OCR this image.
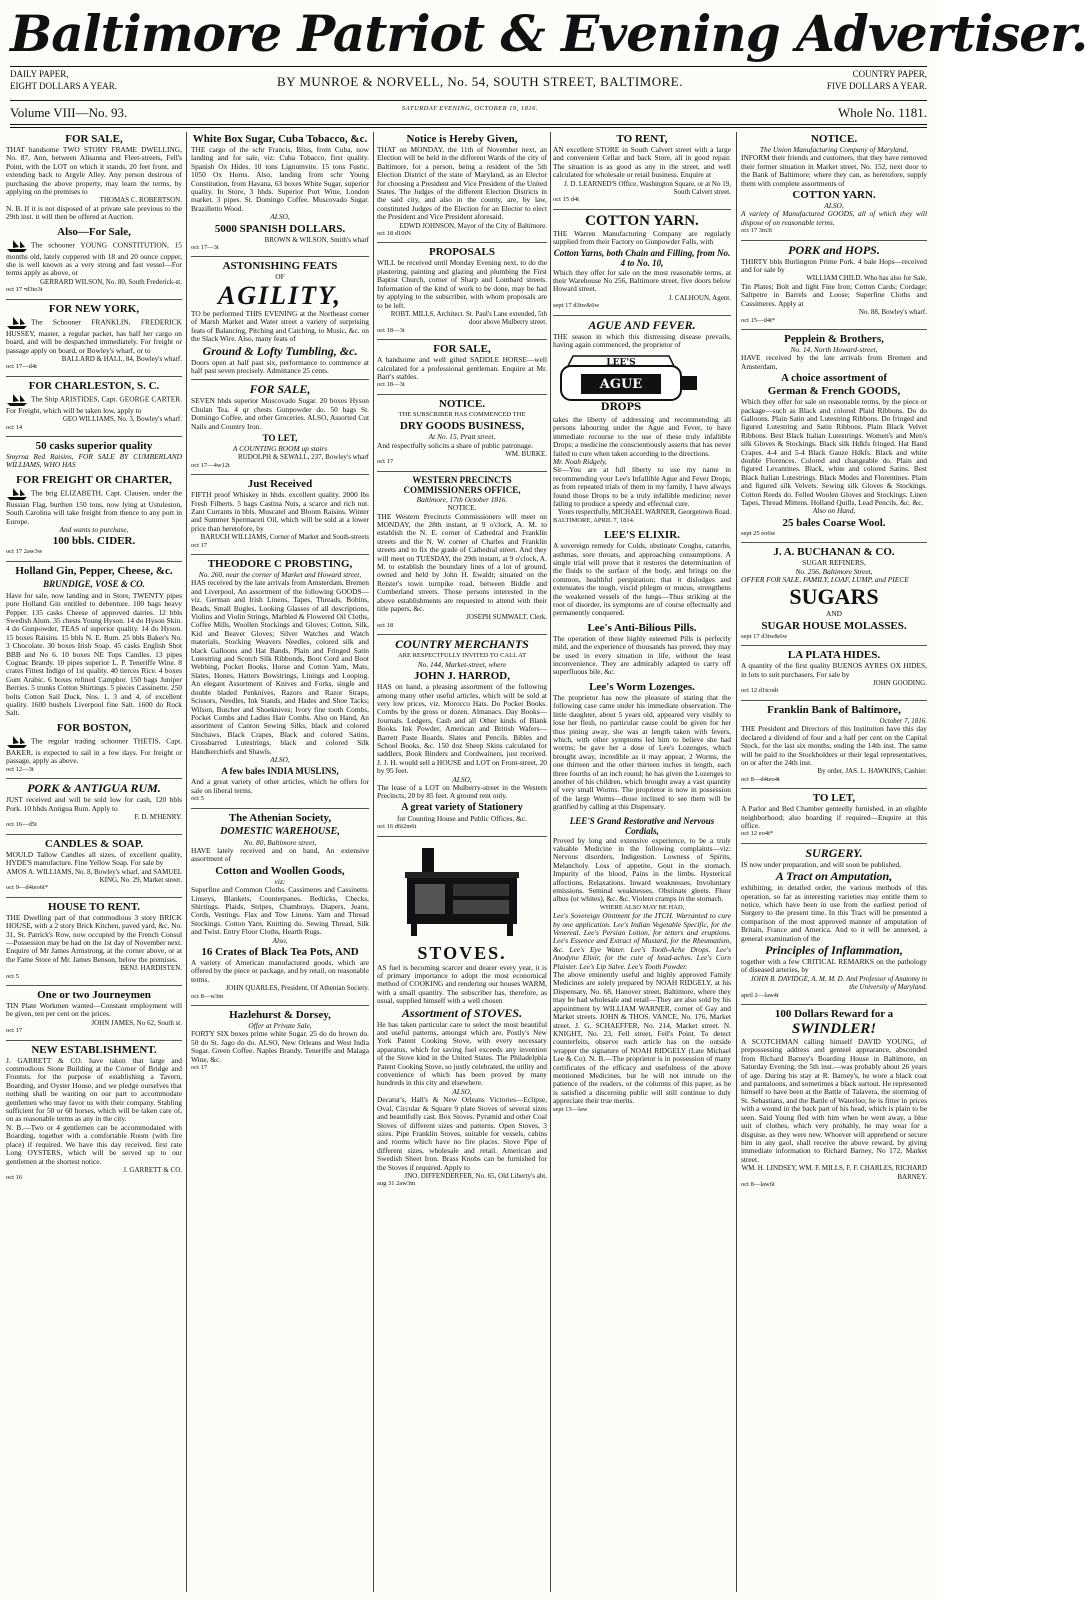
Baltimore Patriot & Evening Advertiser.
DAILY PAPER,
EIGHT DOLLARS A YEAR.	BY MUNROE & NORVELL, No. 54, SOUTH STREET, BALTIMORE.	COUNTRY PAPER,
FIVE DOLLARS A YEAR.
Volume VIII—No. 93.	SATURDAY EVENING, OCTOBER 19, 1816.	Whole No. 1181.
FOR SALE,
THAT handsome TWO STORY FRAME DWELLING, No. 87, Ann, between Alisanna and Fleet-streets, Fell's Point, with the LOT on which it stands, 20 feet front, and extending back to Argyle Alley. Any person desirous of purchasing the above property, may learn the terms, by applying on the premises to
THOMAS C. ROBERTSON.
N. B. If it is not disposed of at private sale previous to the 29th inst. it will then be offered at Auction.
Also—For Sale,
The schooner YOUNG CONSTITUTION, 15 months old, lately coppered with 18 and 20 ounce copper, she is well known as a very strong and fast vessel—For terms apply as above, or
GERRARD WILSON, No. 80, South Frederick-st.
oct 17 •d3to3t
FOR NEW YORK,
The Schooner FRANKLIN, FREDERICK HUSSEY, master, a regular packet, has half her cargo on board, and will be despatched immediately. For freight or passage apply on board, or Bowley's wharf, or to
BALLARD & HALL, 84, Bowley's wharf.
oct 17—d4t
FOR CHARLESTON, S. C.
The Ship ARISTIDES, Capt. GEORGE CARTER. For Freight, which will be taken low, apply to
GEO WILLIAMS, No. 3, Bowley's wharf.
oct 14
50 casks superior quality
Smyrna Red Raisins, FOR SALE BY CUMBERLAND WILLIAMS, WHO HAS
FOR FREIGHT OR CHARTER,
The brig ELIZABETH, Capt. Clausen, under the Russian Flag, burthen 150 tons, now lying at Ustuleston, South Carolina will take freight from thence to any port in Europe.
And wants to purchase,
100 bbls. CIDER.
oct 17 2aw3w
Holland Gin, Pepper, Cheese, &c.
BRUNDIGE, VOSE & CO.
Have for sale, now landing and in Store, TWENTY pipes pure Holland Gin entitled to debenture. 100 bags heavy Pepper. 135 casks Cheese of approved dairies. 12 bbls Swedish Alum. 35 chests Young Hyson. 14 do Hyson Skin. 4 do Gunpowder, TEAS of superior quality. 14 do Hyson. 15 boxes Raisins. 15 bbls N. E. Rum. 25 bbls Baker's No. 3 Chocolate. 30 boxes Irish Soap. 45 casks English Shot BBB and No 6. 10 boxes NE Tops Candles. 13 pipes Cognac Brandy. 10 pipes superior L. P. Teneriffe Wine. 8 crates Fittest Indigo of 1st quality. 40 tierces Rice. 4 boxes Gum Arabic. 6 boxes refined Camphor. 150 bags Juniper Berries. 5 trunks Cotton Shirtings. 5 pieces Cassinette. 250 bolts Cotton Sail Duck, Nos. 1, 3 and 4, of excellent quality. 1600 bushels Liverpool fine Salt. 1600 do Rock Salt.
FOR BOSTON,
The regular trading schooner THETIS, Capt. BAKER, is expected to sail in a few days. For freight or passage, apply as above.
oct 12—3t
PORK & ANTIGUA RUM.
JUST received and will be sold low for cash, 120 bbls Pork. 10 hhds Antigua Rum. Apply to
F. D. M'HENRY.
oct 16—d5t
CANDLES & SOAP.
MOULD Tallow Candles all sizes, of excellent quality, HYDE'S manufacture. Fine Yellow Soap. For sale by
AMOS A. WILLIAMS, No. 8, Bowley's wharf, and SAMUEL KING, No. 29, Market street.
oct 9—d4teo6t*
HOUSE TO RENT.
THE Dwelling part of that commodious 3 story BRICK HOUSE, with a 2 story Brick Kitchen, paved yard, &c. No. 31, St. Patrick's Row, now occupied by the French Consul—Possession may be had on the 1st day of November next. Enquire of Mr James Armstrong, at the corner above, or at the Fame Store of Mr. James Benson, below the premises.
BENJ. HARDISTEN.
oct 5
One or two Journeymen
TIN Plate Workmen wanted—Constant employment will be given, ten per cent on the prices.
JOHN JAMES, No 62, South st.
oct 17
NEW ESTABLISHMENT.
J. GARRETT & CO. have taken that large and commodious Stone Building at the Corner of Bridge and Frontsts. for the purpose of establishing a Tavern, Boarding, and Oyster House, and we pledge ourselves that nothing shall be wanting on our part to accommodate gentlemen who may favor us with their company. Stabling sufficient for 50 or 60 horses, which will be taken care of, on as reasonable terms as any in the city.
N. B.—Two or 4 gentlemen can be accommodated with Boarding, together with a comfortable Room (with fire place) if required. We have this day received, first rate Long OYSTERS, which will be served up to our gentlemen at the shortest notice.
J. GARRETT & CO.
oct 16
White Box Sugar, Cuba Tobacco, &c.
THE cargo of the schr Francis, Bliss, from Cuba, now landing and for sale, viz: Cuba Tobacco, first quality. Spanish Ox Hides. 10 tons Lignumvite. 15 tons Fustic. 1050 Ox Horns. Also, landing from schr Young Constitution, from Havana, 63 boxes White Sugar, superior quality. In Store, 3 hhds. Superior Port Wine, London market. 3 pipes. St. Domingo Coffee. Muscovado Sugar. Brazilletto Wood.
ALSO,
5000 SPANISH DOLLARS.
BROWN & WILSON, Smith's wharf
oct 17—3t
ASTONISHING FEATS
OF
AGILITY,
TO be performed THIS EVENING at the Northeast corner of Marsh Market and Water street a variety of surprising feats of Balancing, Pitching and Catching, to Music, &c. on the Slack Wire. Also, many feats of
Ground & Lofty Tumbling, &c.
Doors open at half past six, performance to commence at half past seven precisely. Admittance 25 cents.
FOR SALE,
SEVEN hhds superior Muscovado Sugar. 20 boxes Hyson Chulan Tea. 4 qr chests Gunpowder do. 50 bags St. Domingo Coffee, and other Groceries. ALSO, Assorted Cut Nails and Country Iron.
TO LET,
A COUNTING ROOM up stairs
RUDOLPH & SEWALL, 237, Bowley's wharf
oct 17—4w12t
Just Received
FIFTH proof Whiskey in hhds. excellent quality. 2000 lbs Fresh Filberts. 5 bags Castina Nuts, a scarce and rich nut. Zant Currants in bbls. Muscatel and Bloom Raisins. Winter and Summer Spermaceti Oil, which will be sold at a lower price than heretofore, by
BARUCH WILLIAMS, Corner of Market and South-streets
oct 17
THEODORE C PROBSTING,
No. 260, near the corner of Market and Howard street,
HAS received by the late arrivals from Amsterdam, Bremen and Liverpool, An assortment of the following GOODS—viz. German and Irish Linens, Tapes, Threads, Bobins, Beads, Small Bugles, Looking Glasses of all descriptions, Violins and Violin Strings, Marbled & Flowered Oil Cloths, Coffee Mills, Woollen Stockings and Gloves; Cotton, Silk, Kid and Beaver Gloves; Silver Watches and Watch materials, Stocking Weavers Needles, colored silk and black Galloons and Hat Bands, Plain and Fringed Satin Lutestring and Scotch Silk Ribbonds, Boot Cord and Boot Webbing, Pocket Books, Horse and Cotton Yarn, Mats, Slates, Hones, Hatters Bowstrings, Linings and Looping. An elegant Assortment of Knives and Forks, single and double bladed Penknives, Razors and Razor Straps, Scissors, Needles, Ink Stands, and Hades and Shoe Tacks; Wilson, Butcher and Shoeknives; Ivory fine tooth Combs, Pocket Combs and Ladies Hair Combs. Also on Hand, An assortment of Canton Sewing Silks, black and colored Sinchaws, Black Crapes, Black and colored Satins, Crossbarred Lutestrings, black and colored Silk Handkerchiefs and Shawls.
ALSO,
A few bales INDIA MUSLINS,
And a great variety of other articles, which he offers for sale on liberal terms.
oct 5
The Athenian Society,
DOMESTIC WAREHOUSE,
No. 80, Baltimore street,
HAVE lately received and on hand, An extensive assortment of
Cotton and Woollen Goods,
viz:
Superfine and Common Cloths. Cassimeres and Cassinetts. Linseys, Blankets, Counterpanes. Bedticks, Checks, Shirtings. Plaids, Stripes, Chambrays. Diapers, Jeans, Cords, Vestings. Flax and Tow Linens. Yarn and Thread Stockings. Cotton Yarn, Knitting do. Sewing Thread, Silk and Twist. Entry Floor Cloths, Hearth Rugs.
Also,
16 Crates of Black Tea Pots, AND
A variety of American manufactured goods, which are offered by the piece or package, and by retail, on reasonable terms.
JOHN QUARLES, President, Of Athenian Society.
oct 8—w3m
Hazlehurst & Dorsey,
Offer at Private Sale,
FORTY SIX boxes prime white Sugar. 25 do do brown do. 50 do St. Jago do do. ALSO, New Orleans and West India Sugar. Green Coffee. Naples Brandy. Teneriffe and Malaga Wine, &c.
oct 17
Notice is Hereby Given,
THAT on MONDAY, the 11th of November next, an Election will be held in the different Wards of the city of Baltimore, for a person, being a resident of the 5th Election District of the state of Maryland, as an Elector for choosing a President and Vice President of the United States. The Judges of the different Election Districts in the said city, and also in the county, are, by law, constituted Judges of the Election for an Elector to elect the President and Vice President aforesaid.
EDWD JOHNSON, Mayor of the City of Baltimore.
oct 18 d10tN
PROPOSALS
WILL be received until Monday Evening next, to do the plastering, painting and glazing and plumbing the First Baptist Church, corner of Sharp and Lombard streets. Information of the kind of work to be done, may be had by applying to the subscriber, with whom proposals are to be left.
ROBT. MILLS, Architect. St. Paul's Lane extended, 5th door above Mulberry street.
oct 18—3t
FOR SALE,
A handsome and well gilted SADDLE HORSE—well calculated for a professional gentleman. Enquire at Mr. Barr's stables.
oct 18—3t
NOTICE.
THE SUBSCRIBER HAS COMMENCED THE
DRY GOODS BUSINESS,
At No. 15, Pratt street.
And respectfully solicits a share of public patronage.
WM. BURKE.
oct 17
WESTERN PRECINCTS COMMISSIONERS OFFICE,
Baltimore, 17th October 1816.
NOTICE.
THE Western Precincts Commissioners will meet on MONDAY, the 28th instant, at 9 o'clock, A. M. to establish the N. E. corner of Cathedral and Franklin streets and the N. W. corner of Charles and Franklin streets and to fix the grade of Cathedral street. And they will meet on TUESDAY, the 29th instant, at 9 o'clock, A. M. to establish the boundary lines of a lot of ground, owned and held by John H. Ewaldt; situated on the Reister's town turnpike road, between Biddle and Cumberland streets. Those persons interested in the above establishments are requested to attend with their title papers, &c.
JOSEPH SUMWALT, Clerk.
oct 18
COUNTRY MERCHANTS
ARE RESPECTFULLY INVITED TO CALL AT
No. 144, Market-street, where
JOHN J. HARROD,
HAS on hand, a pleasing assortment of the following among many other useful articles, which will be sold at very low prices, viz. Morocco Hats. Do Pocket Books. Combs by the gross or dozen. Almanacs. Day Books—Journals. Ledgers, Cash and all Other kinds of Blank Books. Ink Powder, American and British Wafers—Barrett Paste Boards. Slates and Pencils. Bibles and School Books, &c. 150 doz Sheep Skins calculated for saddlers, Book Binders and Cordwainers, just received. J. J. H. would sell a HOUSE and LOT on Front-street, 20 by 95 feet.
ALSO,
The lease of a LOT on Mulberry-street in the Western Precincts, 20 by 85 feet. A ground rent only.
A great variety of Stationery
for Counting House and Public Offices, &c.
oct 16 d6t2m6t
STOVES.
AS fuel is becoming scarcer and dearer every year, it is of primary importance to adopt the most economical method of COOKING and rendering our houses WARM, with a small quantity. The subscriber has, therefore, as usual, supplied himself with a well chosen
Assortment of STOVES.
He has taken particular care to select the most beautiful and useful patterns, amongst which are, Postly's New York Patent Cooking Stove, with every necessary apparatus, which for saving fuel exceeds any invention of the Stove kind in the United States. The Philadelphia Patent Cooking Stove, so justly celebrated, the utility and convenience of which has been proved by many hundreds in this city and elsewhere.
ALSO,
Decatur's, Hall's & New Orleans Victories—Eclipse, Oval, Circular & Square 9 plate Stoves of several sizes and beautifully cast. Box Stoves. Pyramid and other Coal Stoves of different sizes and patterns. Open Stoves, 3 sizes. Pipe Franklin Stoves, suitable for vessels, cabins and rooms which have no fire places. Stove Pipe of different sizes, wholesale and retail. American and Swedish Sheet Iron. Brass Knobs can be furnished for the Stoves if required. Apply to
JNO. DIFFENDERFER, No. 65, Old Liberty's abt.
aug 31 2aw3m
TO RENT,
AN excellent STORE in South Calvert street with a large and convenient Cellar and back Store, all in good repair. The situation is as good as any in the street, and well calculated for wholesale or retail business. Enquire at
J. D. LEARNED'S Office, Washington Square, or at No 19, South Calvert street.
oct 15 d4t
COTTON YARN.
THE Warren Manufacturing Company are regularly supplied from their Factory on Gunpowder Falls, with
Cotton Yarns, both Chain and Filling, from No. 4 to No. 10,
Which they offer for sale on the most reasonable terms, at their Warehouse No 256, Baltimore street, five doors below Howard street.
J. CALHOUN, Agent.
sept 17 d3tw&6w
AGUE AND FEVER.
THE season in which this distressing disease prevails, having again commenced, the proprietor of
LEE'S
AGUE
DROPS
takes the liberty of addressing and recommending all persons labouring under the Ague and Fever, to have immediate recourse to the use of these truly infallible Drops; a medicine the conscientiously asserts that has never failed to cure when taken according to the directions.
Mr. Noah Ridgely,
Sir—You are at full liberty to use my name in recommending your Lee's Infallible Ague and Fever Drops; as from repeated trials of them in my family, I have always found those Drops to be a truly infallible medicine; never failing to produce a speedy and effectual cure.
Yours respectfully, MICHAEL WARNER, Georgetown Road.
BALTIMORE, APRIL 7, 1814.
LEE'S ELIXIR.
A sovereign remedy for Colds, obstinate Coughs, catarrhs, asthmas, sore throats, and approaching consumptions. A single trial will prove that it restores the determination of the fluids to the surface of the body, and brings on the common, healthful perspiration; that it dislodges and extenuates the tough, viscid phlegm or mucus, strengthens the weakened vessels of the lungs—Thus striking at the root of disorder, its symptoms are of course effectually and permanently conquered.
Lee's Anti-Bilious Pills.
The operation of these highly esteemed Pills is perfectly mild, and the experience of thousands has proved, they may be used in every situation in life, without the least inconvenience. They are admirably adapted to carry off superfluous bile, &c.
Lee's Worm Lozenges.
The proprietor has now the pleasure of stating that the following case came under his immediate observation. The little daughter, about 5 years old, appeared very visibly to lose her flesh, no particular cause could be given for her thus pining away, she was at length taken with fevers, which, with other symptoms led him to believe she had worms; he gave her a dose of Lee's Lozenges, which brought away, incredible as it may appear, 2 Worms, the one thirteen and the other thirteen inches in length, each three fourths of an inch round; he has given the Lozenges to another of his children, which brought away a vast quantity of very small Worms. The proprietor is now in possession of the large Worms—those inclined to see them will be gratified by calling at this Dispensary.
LEE'S Grand Restorative and Nervous Cordials,
Proved by long and extensive experience, to be a truly valuable Medicine in the following complaints—viz: Nervous disorders, Indigestion. Lowness of Spirits, Melancholy. Loss of appetite, Gout in the stomach. Impurity of the blood, Pains in the limbs. Hysterical affections, Relaxations. Inward weaknesses, Involuntary emissions. Seminal weaknesses, Obstinate gleets. Fluor albus (or whites), &c. &c. Violent cramps in the stomach.
WHERE ALSO MAY BE HAD,
Lee's Sovereign Ointment for the ITCH. Warranted to cure by one application. Lee's Indian Vegetable Specific, for the Venereal. Lee's Persian Lotion, for tetters and eruptions. Lee's Essence and Extract of Mustard, for the Rheumatism, &c. Lee's Eye Water. Lee's Tooth-Ache Drops. Lee's Anodyne Elixir, for the cure of head-aches. Lee's Corn Plaister. Lee's Lip Salve. Lee's Tooth Powder.
The above eminently useful and highly approved Family Medicines are solely prepared by NOAH RIDGELY, at his Dispensary, No. 68, Hanover street, Baltimore, where they may be had wholesale and retail—They are also sold by his appointment by WILLIAM WARNER, corner of Gay and Market streets. JOHN & THOS. VANCE, No. 176, Market street. J. G. SCHAEFFER, No. 214, Market street. N. KNIGHT, No. 23, Fell street, Fell's Point. To detect counterfeits, observe each article has on the outside wrapper the signature of NOAH RIDGELY (Late Michael Lee & Co). N. B.—The proprietor is in possession of many certificates of the efficacy and usefulness of the above mentioned Medicines, but he will not intrude on the patience of the readers, or the columns of this paper, as he is satisfied a discerning public will still continue to duly appreciate their true merits.
sept 13—law
NOTICE.
The Union Manufacturing Company of Maryland,
INFORM their friends and customers, that they have removed their former situation in Market street, No. 152, next door to the Bank of Baltimore; where they can, as heretofore, supply them with complete assortments of
COTTON YARN.
ALSO,
A variety of Manufactured GOODS, all of which they will dispose of on reasonable terms.
oct 17 3m3t
PORK and HOPS.
THIRTY bbls Burlington Prime Pork. 4 bale Hops—received and for sale by
WILLIAM CHILD. Who has also for Sale,
Tin Plates; Bolt and light Fine Iron; Cotton Cards; Cordage; Saltpetre in Barrels and Loose; Superfine Cloths and Cassimeres. Apply at
No. 88, Bowley's wharf.
oct 15—d4t*
Pepplein & Brothers,
No. 14, North Howard-street,
HAVE received by the late arrivals from Bremen and Amsterdam,
A choice assortment of
German & French GOODS,
Which they offer for sale on reasonable terms, by the piece or package—such as Black and colored Plaid Ribbons. Do do Galloons. Plain Satin and Lutestring Ribbons. Do fringed and figured Lutestring and Satin Ribbons. Plain Black Velvet Ribbons. Best Black Italian Lutestrings. Women's and Men's silk Gloves & Stockings. Black silk Hdkfs fringed. Hat Band Crapes. 4-4 and 5-4 Black Gauze Hdkfs. Black and white double Florences. Colored and changeable do. Plain and figured Levantines. Black, white and colored Satins. Best Black Italian Lutestrings. Black Modes and Florentines. Plain and figured silk Velvets. Sewing silk Gloves & Stockings. Cotton Reeds do. Felled Woolen Gloves and Stockings. Linen Tapes, Thread Mittens. Holland Quills, Lead Pencils, &c. &c.
Also on Hand,
25 bales Coarse Wool.
sept 25 eo6w
J. A. BUCHANAN & CO.
SUGAR REFINERS,
No. 256, Baltimore Street,
OFFER FOR SALE, FAMILY, LOAF, LUMP, and PIECE
SUGARS
AND
SUGAR HOUSE MOLASSES.
sept 17 d3tw&6w
LA PLATA HIDES.
A quantity of the first quality BUENOS AYRES OX HIDES, in lots to suit purchasers. For sale by
JOHN GOODING.
oct 12 d1tcodt
Franklin Bank of Baltimore,
October 7, 1816.
THE President and Directors of this Institution have this day declared a dividend of four and a half per cent on the Capital Stock, for the last six months, ending the 14th inst. The same will be paid to the Stockholders or their legal representatives, on or after the 24th inst.
By order, JAS. L. HAWKINS, Cashier.
oct 8—d4teo4t
TO LET,
A Parlor and Bed Chamber genteelly furnished, in an eligible neighborhood; also boarding if required—Enquire at this office.
oct 12 eo4t*
SURGERY.
IS now under preparation, and will soon be published,
A Tract on Amputation,
exhibiting, in detailed order, the various methods of this operation, so far as interesting varieties may entitle them to notice, which have been in use from the earliest period of Surgery to the present time. In this Tract will be presented a comparison of the most approved manner of amputation of Britain, France and America. And to it will be annexed, a general examination of the
Principles of Inflammation,
together with a few CRITICAL REMARKS on the pathology of diseased arteries, by
JOHN B. DAVIDGE, A. M. M. D. And Professor of Anatomy in the University of Maryland.
april 2—law4t
100 Dollars Reward for a
SWINDLER!
A SCOTCHMAN calling himself DAVID YOUNG, of prepossessing address and genteel appearance, absconded from Richard Barney's Boarding House in Baltimore, on Saturday Evening, the 5th inst.—was probably about 26 years of age. During his stay at R. Barney's, he wore a black coat and pantaloons, and sometimes a black surtout. He represented himself to have been at the Battle of Talavera, the storming of St. Sebastians, and the Battle of Waterloo; he is fitter in prices with a wound in the back part of his head, which is plain to be seen. Said Young fled with him when he went away, a blue suit of clothes, which very probably, he may wear for a disguise, as they were new. Whoever will apprehend or secure him in any gaol, shall receive the above reward, by giving immediate information to Richard Barney, No 172, Market street.
WM. H. LINDSEY, WM. F. MILLS, F. F. CHARLES, RICHARD BARNEY.
oct 8—law6t
